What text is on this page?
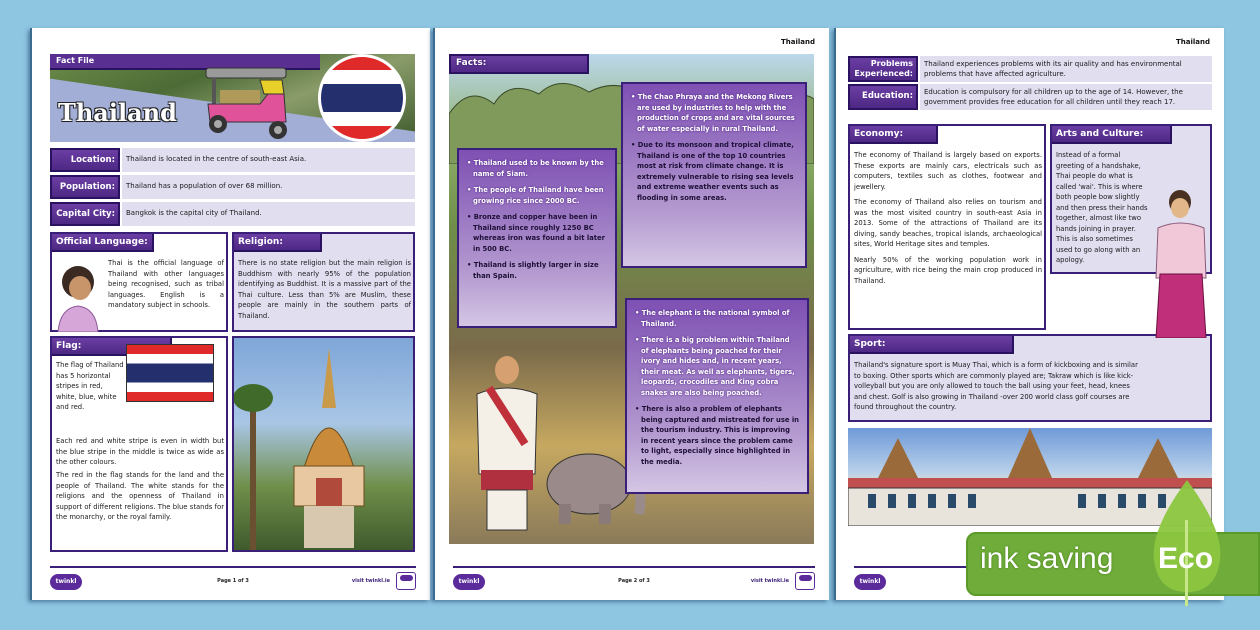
Fact File
Thailand
Location:	Thailand is located in the centre of south-east Asia.
Population:	Thailand has a population of over 68 million.
Capital City:	Bangkok is the capital city of Thailand.
Official Language:
Thai is the official language of Thailand with other languages being recognised, such as tribal languages. English is a mandatory subject in schools.
Religion:
There is no state religion but the main religion is Buddhism with nearly 95% of the population identifying as Buddhist. It is a massive part of the Thai culture. Less than 5% are Muslim, these people are mainly in the southern parts of Thailand.
Flag:
The flag of Thailand has 5 horizontal stripes in red, white, blue, white and red.
Each red and white stripe is even in width but the blue stripe in the middle is twice as wide as the other colours.
The red in the flag stands for the land and the people of Thailand. The white stands for the religions and the openness of Thailand in support of different religions. The blue stands for the monarchy, or the royal family.
twinkl	Page 1 of 3	visit twinkl.ie
Thailand
Facts:
• Thailand used to be known by the name of Siam.
• The people of Thailand have been growing rice since 2000 BC.
• Bronze and copper have been in Thailand since roughly 1250 BC whereas iron was found a bit later in 500 BC.
• Thailand is slightly larger in size than Spain.
• The Chao Phraya and the Mekong Rivers are used by industries to help with the production of crops and are vital sources of water especially in rural Thailand.
• Due to its monsoon and tropical climate, Thailand is one of the top 10 countries most at risk from climate change. It is extremely vulnerable to rising sea levels and extreme weather events such as flooding in some areas.
• The elephant is the national symbol of Thailand.
• There is a big problem within Thailand of elephants being poached for their ivory and hides and, in recent years, their meat. As well as elephants, tigers, leopards, crocodiles and King cobra snakes are also being poached.
• There is also a problem of elephants being captured and mistreated for use in the tourism industry. This is improving in recent years since the problem came to light, especially since highlighted in the media.
twinkl	Page 2 of 3	visit twinkl.ie
Thailand
Problems Experienced:
Thailand experiences problems with its air quality and has environmental problems that have affected agriculture.
Education:	Education is compulsory for all children up to the age of 14. However, the government provides free education for all children until they reach 17.
Economy:

The economy of Thailand is largely based on exports. These exports are mainly cars, electricals such as computers, textiles such as clothes, footwear and jewellery.

The economy of Thailand also relies on tourism and was the most visited country in south-east Asia in 2013. Some of the attractions of Thailand are its diving, sandy beaches, tropical islands, archaeological sites, World Heritage sites and temples.

Nearly 50% of the working population work in agriculture, with rice being the main crop produced in Thailand.

Arts and Culture:
Instead of a formal greeting of a handshake, Thai people do what is called 'wai'. This is where both people bow slightly and then press their hands together, almost like two hands joining in prayer. This is also sometimes used to go along with an apology.
Sport:
Thailand's signature sport is Muay Thai, which is a form of kickboxing and is similar to boxing. Other sports which are commonly played are; Takraw which is like kick-volleyball but you are only allowed to touch the ball using your feet, head, knees and chest. Golf is also growing in Thailand -over 200 world class golf courses are found throughout the country.
twinkl
ink saving Eco
